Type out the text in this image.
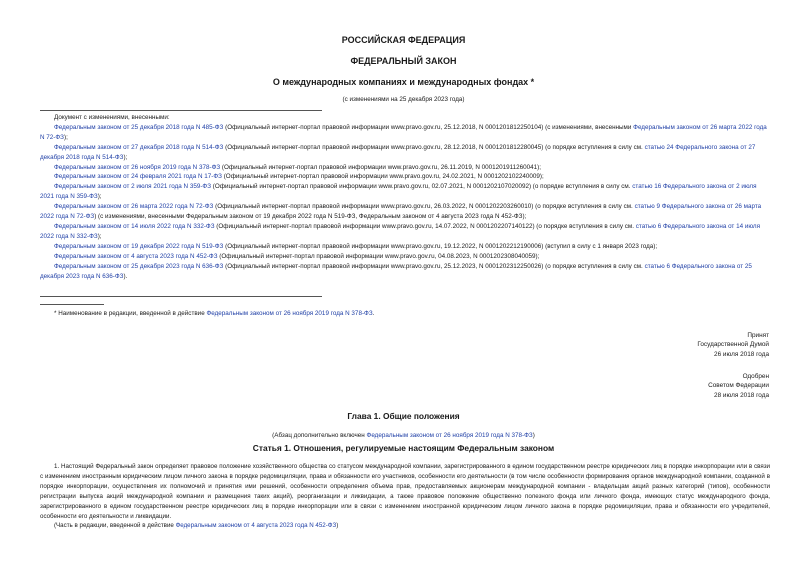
РОССИЙСКАЯ ФЕДЕРАЦИЯ
ФЕДЕРАЛЬНЫЙ ЗАКОН
О международных компаниях и международных фондах *
(с изменениями на 25 декабря 2023 года)

Документ с изменениями, внесенными:

Федеральным законом от 25 декабря 2018 года N 485-ФЗ (Официальный интернет-портал правовой информации www.pravo.gov.ru, 25.12.2018, N 0001201812250104) (с изменениями, внесенными Федеральным законом от 26 марта 2022 года N 72-ФЗ);

Федеральным законом от 27 декабря 2018 года N 514-ФЗ (Официальный интернет-портал правовой информации www.pravo.gov.ru, 28.12.2018, N 0001201812280045) (о порядке вступления в силу см. статью 24 Федерального закона от 27 декабря 2018 года N 514-ФЗ);

Федеральным законом от 26 ноября 2019 года N 378-ФЗ (Официальный интернет-портал правовой информации www.pravo.gov.ru, 26.11.2019, N 0001201911260041);

Федеральным законом от 24 февраля 2021 года N 17-ФЗ (Официальный интернет-портал правовой информации www.pravo.gov.ru, 24.02.2021, N 0001202102240009);

Федеральным законом от 2 июля 2021 года N 359-ФЗ (Официальный интернет-портал правовой информации www.pravo.gov.ru, 02.07.2021, N 0001202107020092) (о порядке вступления в силу см. статью 16 Федерального закона от 2 июля 2021 года N 359-ФЗ);

Федеральным законом от 26 марта 2022 года N 72-ФЗ (Официальный интернет-портал правовой информации www.pravo.gov.ru, 26.03.2022, N 0001202203260010) (о порядке вступления в силу см. статью 9 Федерального закона от 26 марта 2022 года N 72-ФЗ) (с изменениями, внесенными Федеральным законом от 19 декабря 2022 года N 519-ФЗ, Федеральным законом от 4 августа 2023 года N 452-ФЗ);

Федеральным законом от 14 июля 2022 года N 332-ФЗ (Официальный интернет-портал правовой информации www.pravo.gov.ru, 14.07.2022, N 0001202207140122) (о порядке вступления в силу см. статью 6 Федерального закона от 14 июля 2022 года N 332-ФЗ);

Федеральным законом от 19 декабря 2022 года N 519-ФЗ (Официальный интернет-портал правовой информации www.pravo.gov.ru, 19.12.2022, N 0001202212190006) (вступил в силу с 1 января 2023 года);

Федеральным законом от 4 августа 2023 года N 452-ФЗ (Официальный интернет-портал правовой информации www.pravo.gov.ru, 04.08.2023, N 0001202308040059);

Федеральным законом от 25 декабря 2023 года N 636-ФЗ (Официальный интернет-портал правовой информации www.pravo.gov.ru, 25.12.2023, N 0001202312250026) (о порядке вступления в силу см. статью 6 Федерального закона от 25 декабря 2023 года N 636-ФЗ).

* Наименование в редакции, введенной в действие Федеральным законом от 26 ноября 2019 года N 378-ФЗ.
Принят
Государственной Думой
26 июля 2018 года
Одобрен
Советом Федерации
28 июля 2018 года
Глава 1. Общие положения
(Абзац дополнительно включен Федеральным законом от 26 ноября 2019 года N 378-ФЗ)
Статья 1. Отношения, регулируемые настоящим Федеральным законом

1. Настоящий Федеральный закон определяет правовое положение хозяйственного общества со статусом международной компании, зарегистрированного в едином государственном реестре юридических лиц в порядке инкорпорации или в связи с изменением иностранным юридическим лицом личного закона в порядке редомициляции, права и обязанности его участников, особенности его деятельности (в том числе особенности формирования органов международной компании, созданной в порядке инкорпорации, осуществления их полномочий и принятия ими решений, особенности определения объема прав, предоставляемых акционерам международной компании - владельцам акций разных категорий (типов), особенности регистрации выпуска акций международной компании и размещения таких акций), реорганизации и ликвидации, а также правовое положение общественно полезного фонда или личного фонда, имеющих статус международного фонда, зарегистрированного в едином государственном реестре юридических лиц в порядке инкорпорации или в связи с изменением иностранной юридическим лицом личного закона в порядке редомициляции, права и обязанности его учредителей, особенности его деятельности и ликвидации.

(Часть в редакции, введенной в действие Федеральным законом от 4 августа 2023 года N 452-ФЗ)
